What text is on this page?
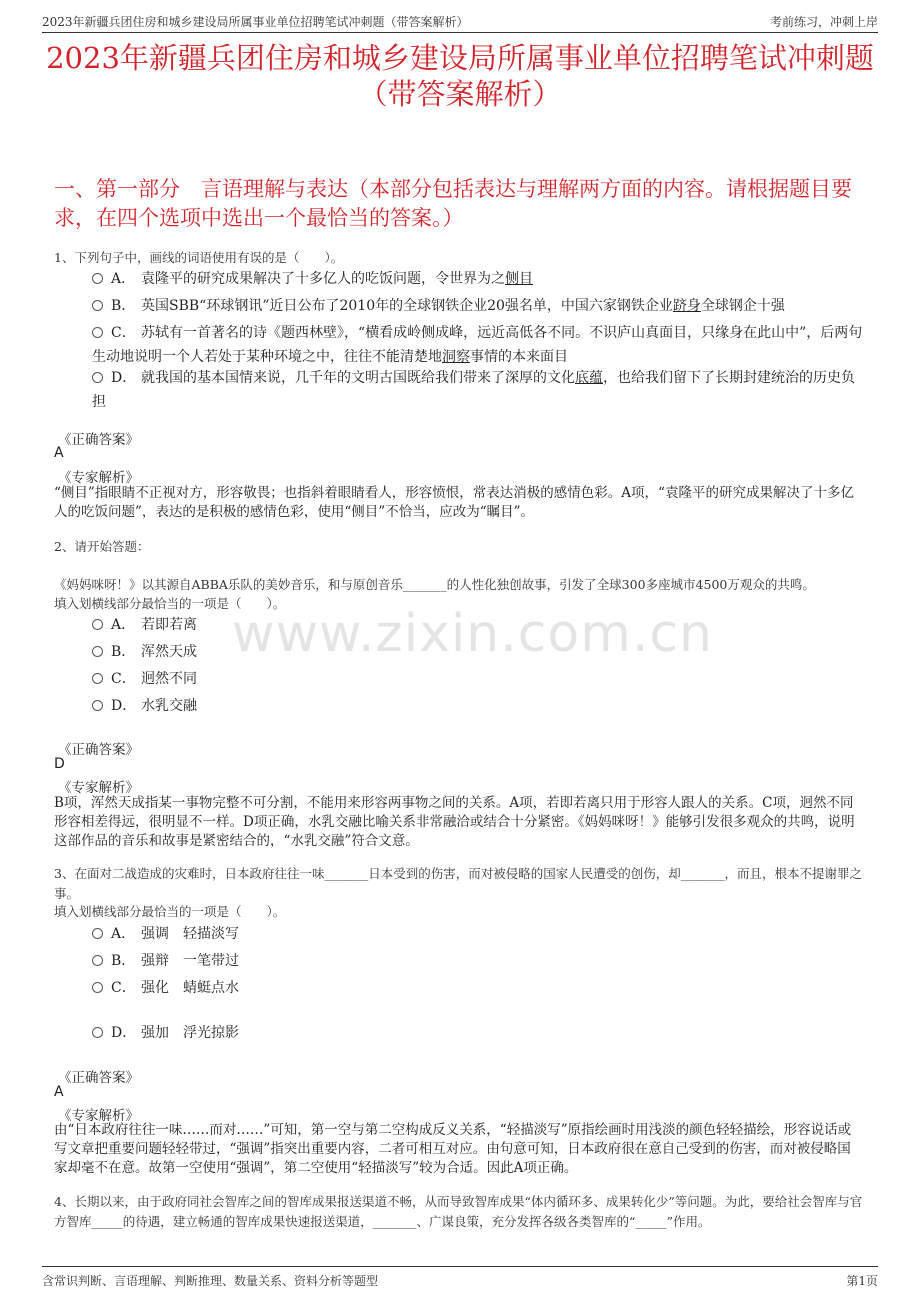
2023年新疆兵团住房和城乡建设局所属事业单位招聘笔试冲刺题（带答案解析）	考前练习，冲刺上岸
2023年新疆兵团住房和城乡建设局所属事业单位招聘笔试冲刺题（带答案解析）
一、第一部分　言语理解与表达（本部分包括表达与理解两方面的内容。请根据题目要求，在四个选项中选出一个最恰当的答案。）
www.zixin.com.cn
1、下列句子中，画线的词语使用有误的是（　　）。
A． 袁隆平的研究成果解决了十多亿人的吃饭问题，令世界为之侧目
B． 英国SBB“环球钢讯”近日公布了2010年的全球钢铁企业20强名单，中国六家钢铁企业跻身全球钢企十强
C． 苏轼有一首著名的诗《题西林壁》，“横看成岭侧成峰，远近高低各不同。不识庐山真面目，只缘身在此山中”，后两句生动地说明一个人若处于某种环境之中，往往不能清楚地洞察事情的本来面目
D． 就我国的基本国情来说，几千年的文明古国既给我们带来了深厚的文化底蕴，也给我们留下了长期封建统治的历史负担
《正确答案》
A
《专家解析》
“侧目”指眼睛不正视对方，形容敬畏；也指斜着眼睛看人，形容愤恨，常表达消极的感情色彩。A项，“袁隆平的研究成果解决了十多亿人的吃饭问题”，表达的是积极的感情色彩，使用“侧目”不恰当，应改为“瞩目”。
2、请开始答题：
《妈妈咪呀！》以其源自ABBA乐队的美妙音乐，和与原创音乐_______的人性化独创故事，引发了全球300多座城市4500万观众的共鸣。
填入划横线部分最恰当的一项是（　　）。
A． 若即若离
B． 浑然天成
C． 迥然不同
D． 水乳交融
《正确答案》
D
《专家解析》
B项，浑然天成指某一事物完整不可分割，不能用来形容两事物之间的关系。A项，若即若离只用于形容人跟人的关系。C项，迥然不同形容相差得远，很明显不一样。D项正确，水乳交融比喻关系非常融洽或结合十分紧密。《妈妈咪呀！》能够引发很多观众的共鸣，说明这部作品的音乐和故事是紧密结合的，“水乳交融”符合文意。
3、在面对二战造成的灾难时，日本政府往往一味_______日本受到的伤害，而对被侵略的国家人民遭受的创伤，却_______，而且，根本不提谢罪之事。
填入划横线部分最恰当的一项是（　　）。
A． 强调　轻描淡写
B． 强辩　一笔带过
C． 强化　蜻蜓点水
D． 强加　浮光掠影
《正确答案》
A
《专家解析》
由“日本政府往往一味……而对……”可知，第一空与第二空构成反义关系，“轻描淡写”原指绘画时用浅淡的颜色轻轻描绘，形容说话或写文章把重要问题轻轻带过，“强调”指突出重要内容，二者可相互对应。由句意可知，日本政府很在意自己受到的伤害，而对被侵略国家却毫不在意。故第一空使用“强调”，第二空使用“轻描淡写”较为合适。因此A项正确。
4、长期以来，由于政府同社会智库之间的智库成果报送渠道不畅，从而导致智库成果“体内循环多、成果转化少”等问题。为此，要给社会智库与官方智库_____的待遇，建立畅通的智库成果快速报送渠道，_______、广谋良策，充分发挥各级各类智库的“_____”作用。
含常识判断、言语理解、判断推理、数量关系、资料分析等题型	第1页
